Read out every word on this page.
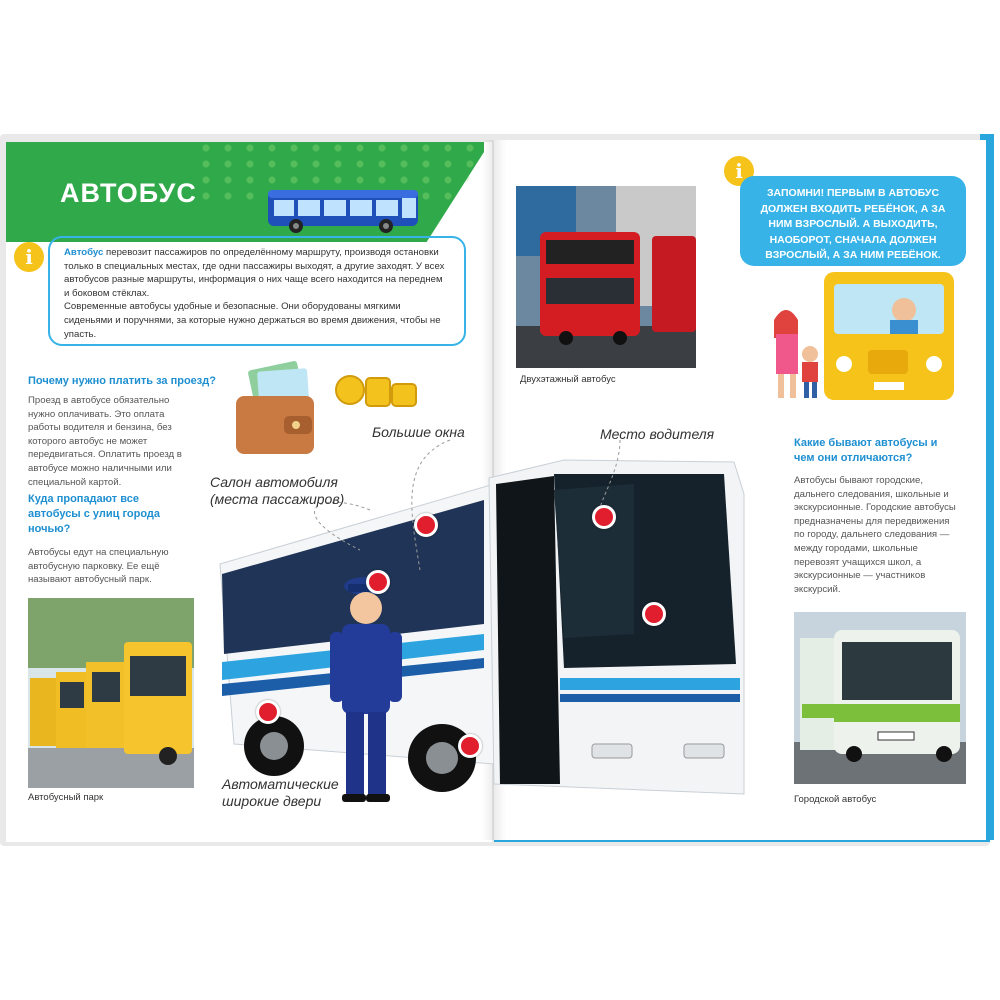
АВТОБУС
i	Автобус перевозит пассажиров по определённому маршруту, производя остановки только в специальных местах, где одни пассажиры выходят, а другие заходят. У всех автобусов разные маршруты, информация о них чаще всего находится на переднем и боковом стёклах.
Современные автобусы удобные и безопасные. Они оборудованы мягкими сиденьями и поручнями, за которые нужно держаться во время движения, чтобы не упасть.
Почему нужно платить за проезд?
Проезд в автобусе обязательно нужно оплачивать. Это оплата работы водителя и бензина, без которого автобус не может передвигаться. Оплатить проезд в автобусе можно наличными или специальной картой.
Куда пропадают все автобусы с улиц города ночью?
Автобусы едут на специальную автобусную парковку. Ее ещё называют автобусный парк.
Автобусный парк
Двухэтажный автобус
i
ЗАПОМНИ! ПЕРВЫМ В АВТОБУС ДОЛЖЕН ВХОДИТЬ РЕБЁНОК, А ЗА НИМ ВЗРОСЛЫЙ. А ВЫХОДИТЬ, НАОБОРОТ, СНАЧАЛА ДОЛЖЕН ВЗРОСЛЫЙ, А ЗА НИМ РЕБЁНОК.
Какие бывают автобусы и чем они отличаются?
Автобусы бывают городские, дальнего следования, школьные и экскурсионные. Городские автобусы предназначены для передвижения по городу, дальнего следования — между городами, школьные перевозят учащихся школ, а экскурсионные — участников экскурсий.
Городской автобус
Большие окна	Место водителя
Салон автомобиля (места пассажиров)
Автоматические широкие двери
